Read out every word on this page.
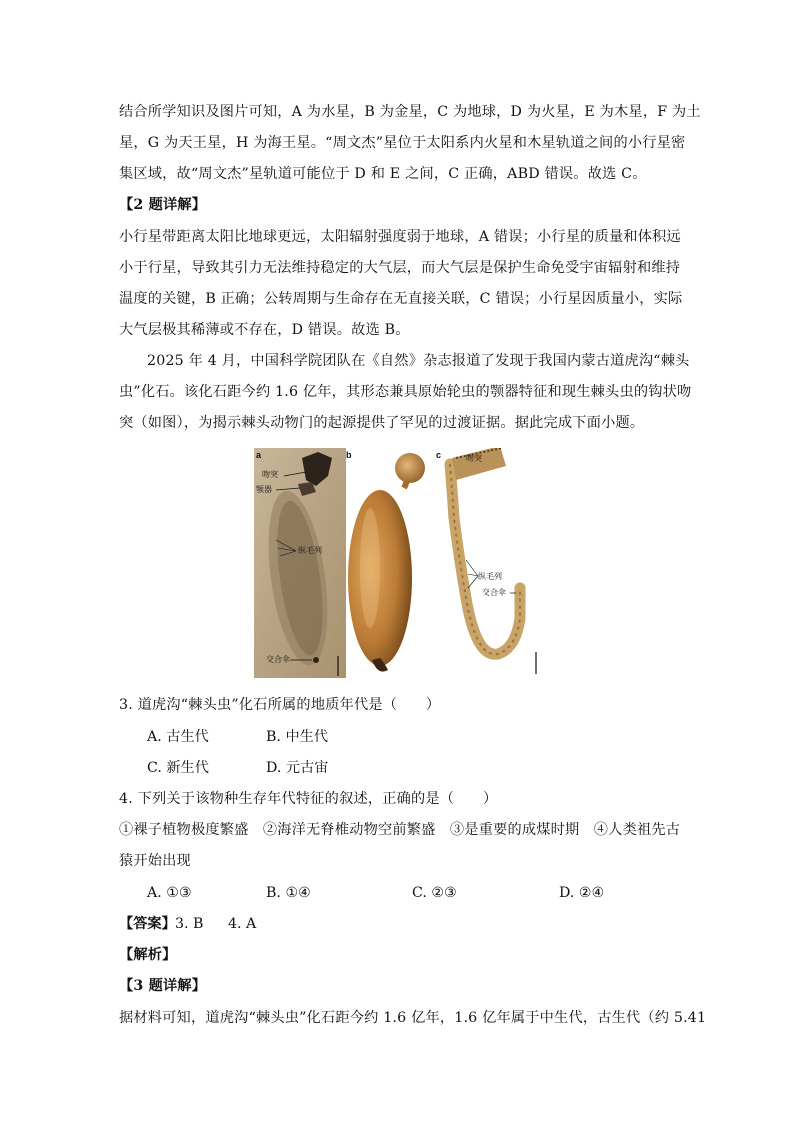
结合所学知识及图片可知，A 为水星，B 为金星，C 为地球，D 为火星，E 为木星，F 为土
星，G 为天王星，H 为海王星。“周文杰”星位于太阳系内火星和木星轨道之间的小行星密
集区域，故“周文杰”星轨道可能位于 D 和 E 之间，C 正确，ABD 错误。故选 C。
【2 题详解】
小行星带距离太阳比地球更远，太阳辐射强度弱于地球，A 错误；小行星的质量和体积远
小于行星，导致其引力无法维持稳定的大气层，而大气层是保护生命免受宇宙辐射和维持
温度的关键，B 正确；公转周期与生命存在无直接关联，C 错误；小行星因质量小，实际
大气层极其稀薄或不存在，D 错误。故选 B。
2025 年 4 月，中国科学院团队在《自然》杂志报道了发现于我国内蒙古道虎沟“棘头
虫”化石。该化石距今约 1.6 亿年，其形态兼具原始轮虫的颚器特征和现生棘头虫的钩状吻
突（如图），为揭示棘头动物门的起源提供了罕见的过渡证据。据此完成下面小题。
a	b	c
吻突
颚器
纵毛列
交合伞
吻突
纵毛列
交合伞
3. 道虎沟“棘头虫”化石所属的地质年代是（　　）
A. 古生代	B. 中生代
C. 新生代	D. 元古宙
4. 下列关于该物种生存年代特征的叙述，正确的是（　　）
①裸子植物极度繁盛　②海洋无脊椎动物空前繁盛　③是重要的成煤时期　④人类祖先古
猿开始出现
A. ①③	B. ①④	C. ②③	D. ②④
【答案】 3. B 4. A
【解析】
【3 题详解】
据材料可知，道虎沟“棘头虫”化石距今约 1.6 亿年，1.6 亿年属于中生代，古生代（约 5.41
